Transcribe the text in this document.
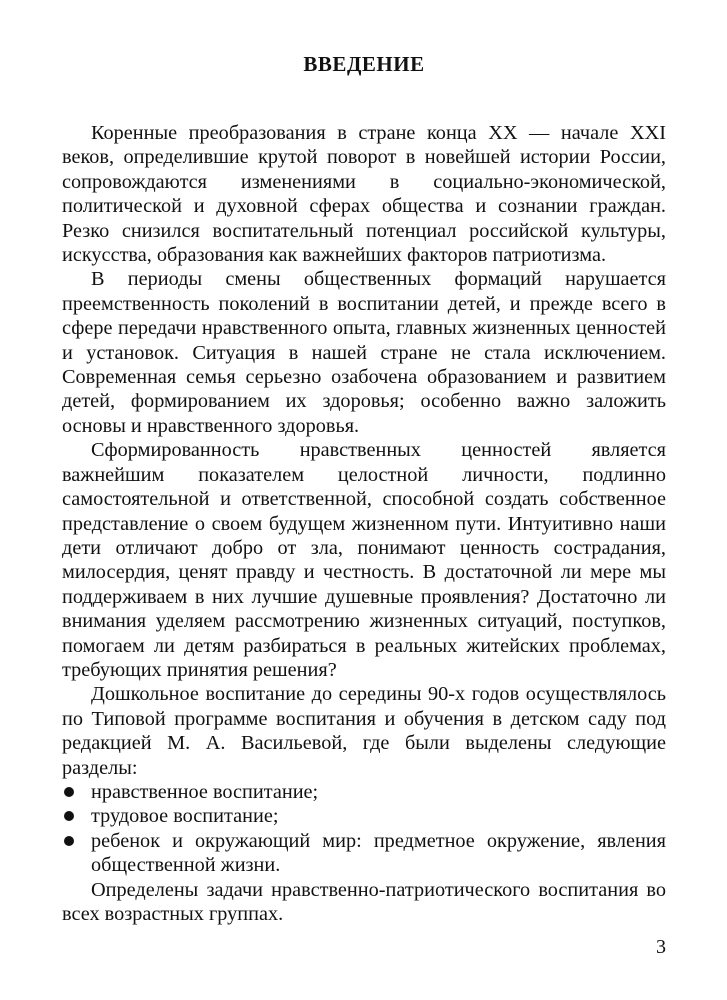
ВВЕДЕНИЕ

Коренные преобразования в стране конца XX — начале XXI веков, определившие крутой поворот в новейшей истории России, сопровождаются изменениями в социально-экономической, политической и духовной сферах общества и сознании граждан. Резко снизился воспитательный потенциал российской культуры, искусства, образования как важнейших факторов патриотизма.

В периоды смены общественных формаций нарушается преемственность поколений в воспитании детей, и прежде всего в сфере передачи нравственного опыта, главных жизненных ценностей и установок. Ситуация в нашей стране не стала исключением. Современная семья серьезно озабочена образованием и развитием детей, формированием их здоровья; особенно важно заложить основы и нравственного здоровья.

Сформированность нравственных ценностей является важнейшим показателем целостной личности, подлинно самостоятельной и ответственной, способной создать собственное представление о своем будущем жизненном пути. Интуитивно наши дети отличают добро от зла, понимают ценность сострадания, милосердия, ценят правду и честность. В достаточной ли мере мы поддерживаем в них лучшие душевные проявления? Достаточно ли внимания уделяем рассмотрению жизненных ситуаций, поступков, помогаем ли детям разбираться в реальных житейских проблемах, требующих принятия решения?

Дошкольное воспитание до середины 90-х годов осуществлялось по Типовой программе воспитания и обучения в детском саду под редакцией М. А. Васильевой, где были выделены следующие разделы:

нравственное воспитание;
трудовое воспитание;
ребенок и окружающий мир: предметное окружение, явления общественной жизни.

Определены задачи нравственно-патриотического воспитания во всех возрастных группах.

3
